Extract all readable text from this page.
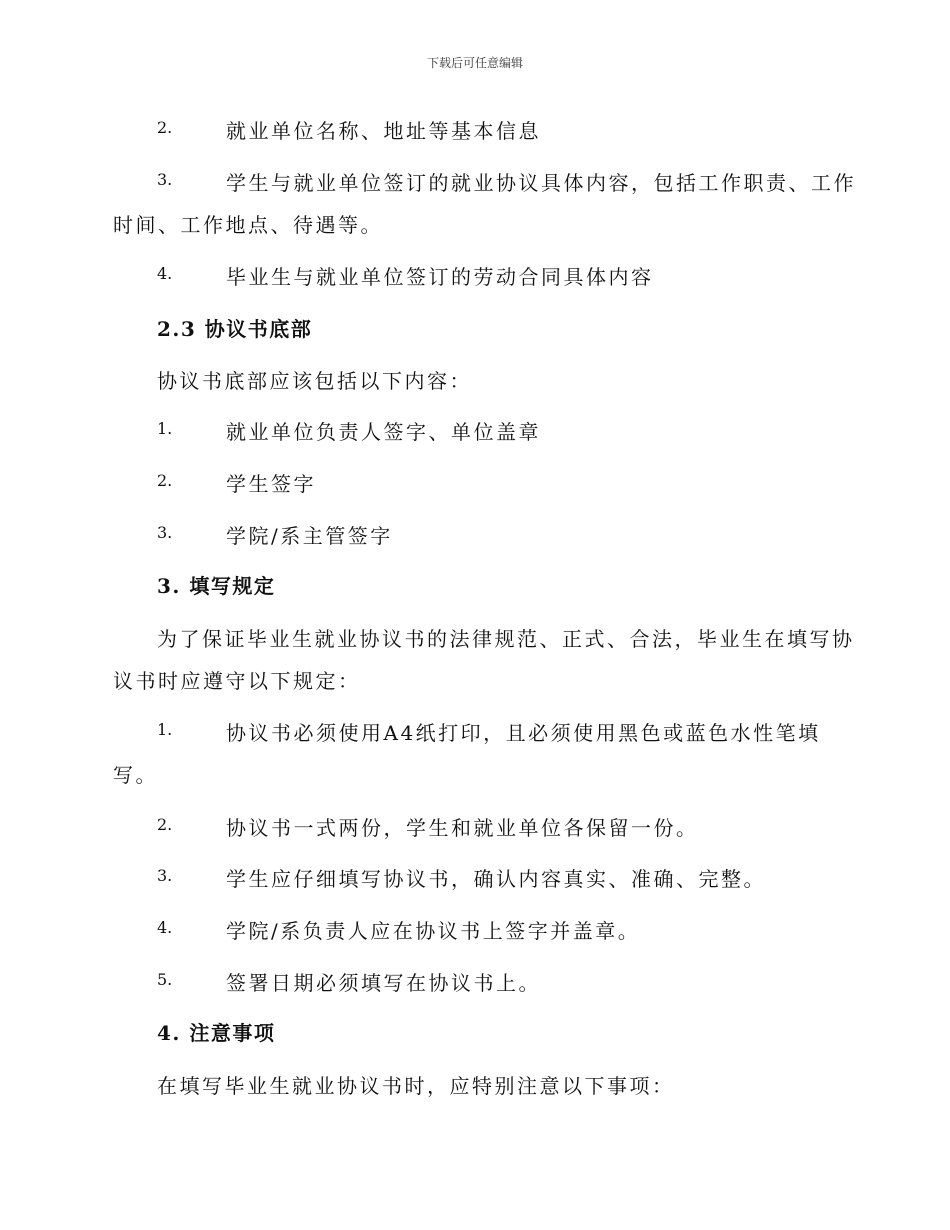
下载后可任意编辑
2.	就业单位名称、地址等基本信息
3.	学生与就业单位签订的就业协议具体内容，包括工作职责、工作
时间、工作地点、待遇等。
4.	毕业生与就业单位签订的劳动合同具体内容
2.3 协议书底部
协议书底部应该包括以下内容：
1.	就业单位负责人签字、单位盖章
2.	学生签字
3.	学院/系主管签字
3. 填写规定
为了保证毕业生就业协议书的法律规范、正式、合法，毕业生在填写协
议书时应遵守以下规定：
1.	协议书必须使用A4纸打印，且必须使用黑色或蓝色水性笔填
写。
2.	协议书一式两份，学生和就业单位各保留一份。
3.	学生应仔细填写协议书，确认内容真实、准确、完整。
4.	学院/系负责人应在协议书上签字并盖章。
5.	签署日期必须填写在协议书上。
4. 注意事项
在填写毕业生就业协议书时，应特别注意以下事项：
